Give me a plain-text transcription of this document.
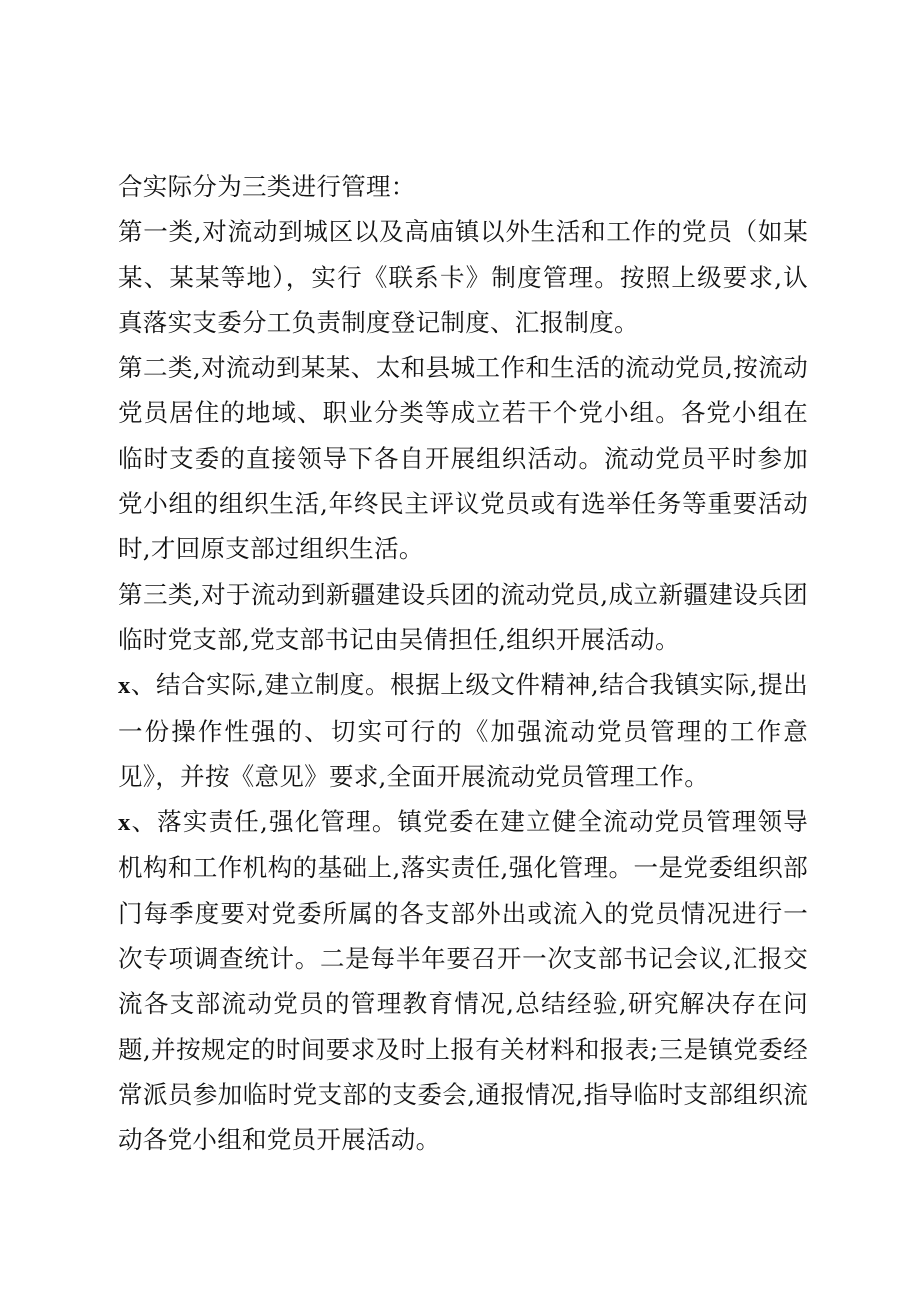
合实际分为三类进行管理：

第一类,对流动到城区以及高庙镇以外生活和工作的党员（如某某、某某等地），实行《联系卡》制度管理。按照上级要求,认真落实支委分工负责制度登记制度、汇报制度。

第二类,对流动到某某、太和县城工作和生活的流动党员,按流动党员居住的地域、职业分类等成立若干个党小组。各党小组在临时支委的直接领导下各自开展组织活动。流动党员平时参加党小组的组织生活,年终民主评议党员或有选举任务等重要活动时,才回原支部过组织生活。

第三类,对于流动到新疆建设兵团的流动党员,成立新疆建设兵团临时党支部,党支部书记由吴倩担任,组织开展活动。

x、结合实际,建立制度。根据上级文件精神,结合我镇实际,提出一份操作性强的、切实可行的《加强流动党员管理的工作意见》，并按《意见》要求,全面开展流动党员管理工作。

x、落实责任,强化管理。镇党委在建立健全流动党员管理领导机构和工作机构的基础上,落实责任,强化管理。一是党委组织部门每季度要对党委所属的各支部外出或流入的党员情况进行一次专项调查统计。二是每半年要召开一次支部书记会议,汇报交流各支部流动党员的管理教育情况,总结经验,研究解决存在问题,并按规定的时间要求及时上报有关材料和报表;三是镇党委经常派员参加临时党支部的支委会,通报情况,指导临时支部组织流动各党小组和党员开展活动。
